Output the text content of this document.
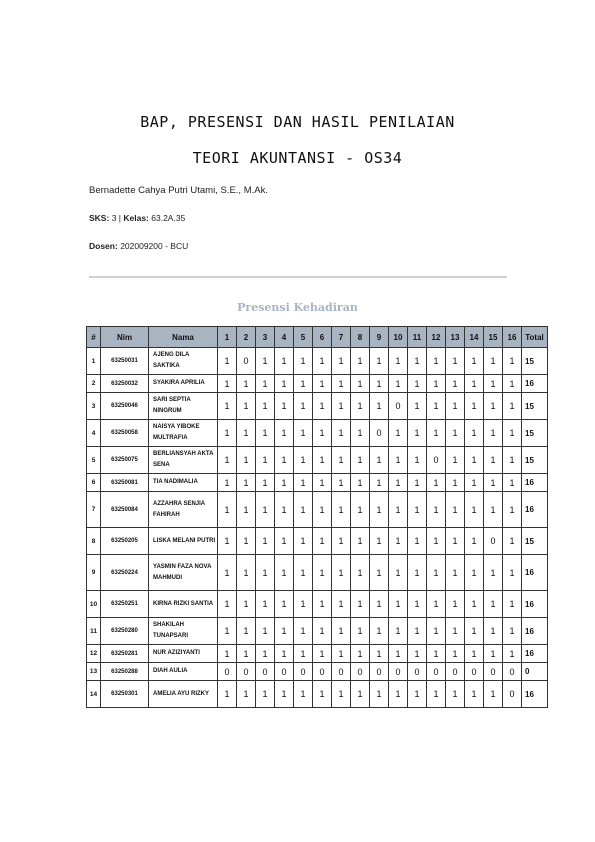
BAP, PRESENSI DAN HASIL PENILAIAN
TEORI AKUNTANSI - OS34
Bernadette Cahya Putri Utami, S.E., M.Ak.
SKS: 3 | Kelas: 63.2A.35
Dosen: 202009200 - BCU
Presensi Kehadiran
#	Nim	Nama	1	2	3	4	5	6	7	8	9	10	11	12	13	14	15	16	Total
1	63250031	AJENG DILA SAKTIKA	1	0	1	1	1	1	1	1	1	1	1	1	1	1	1	1	15
2	63250032	SYAKIRA APRILIA	1	1	1	1	1	1	1	1	1	1	1	1	1	1	1	1	16
3	63250046	SARI SEPTIA NINGRUM	1	1	1	1	1	1	1	1	1	0	1	1	1	1	1	1	15
4	63250058	NAISYA YIBOKE MULTRAFIA	1	1	1	1	1	1	1	1	0	1	1	1	1	1	1	1	15
5	63250075	BERLIANSYAH AKTA SENA	1	1	1	1	1	1	1	1	1	1	1	0	1	1	1	1	15
6	63250081	TIA NADIMALIA	1	1	1	1	1	1	1	1	1	1	1	1	1	1	1	1	16
7	63250084	AZZAHRA SENJIA FAHIRAH	1	1	1	1	1	1	1	1	1	1	1	1	1	1	1	1	16
8	63250205	LISKA MELANI PUTRI	1	1	1	1	1	1	1	1	1	1	1	1	1	1	0	1	15
9	63250224	YASMIN FAZA NOVA MAHMUDI	1	1	1	1	1	1	1	1	1	1	1	1	1	1	1	1	16
10	63250251	KIRNA RIZKI SANTIA	1	1	1	1	1	1	1	1	1	1	1	1	1	1	1	1	16
11	63250280	SHAKILAH TUNAPSARI	1	1	1	1	1	1	1	1	1	1	1	1	1	1	1	1	16
12	63250281	NUR AZIZIYANTI	1	1	1	1	1	1	1	1	1	1	1	1	1	1	1	1	16
13	63250288	DIAH AULIA	0	0	0	0	0	0	0	0	0	0	0	0	0	0	0	0	0
14	63250301	AMELIA AYU RIZKY	1	1	1	1	1	1	1	1	1	1	1	1	1	1	1	0	16
